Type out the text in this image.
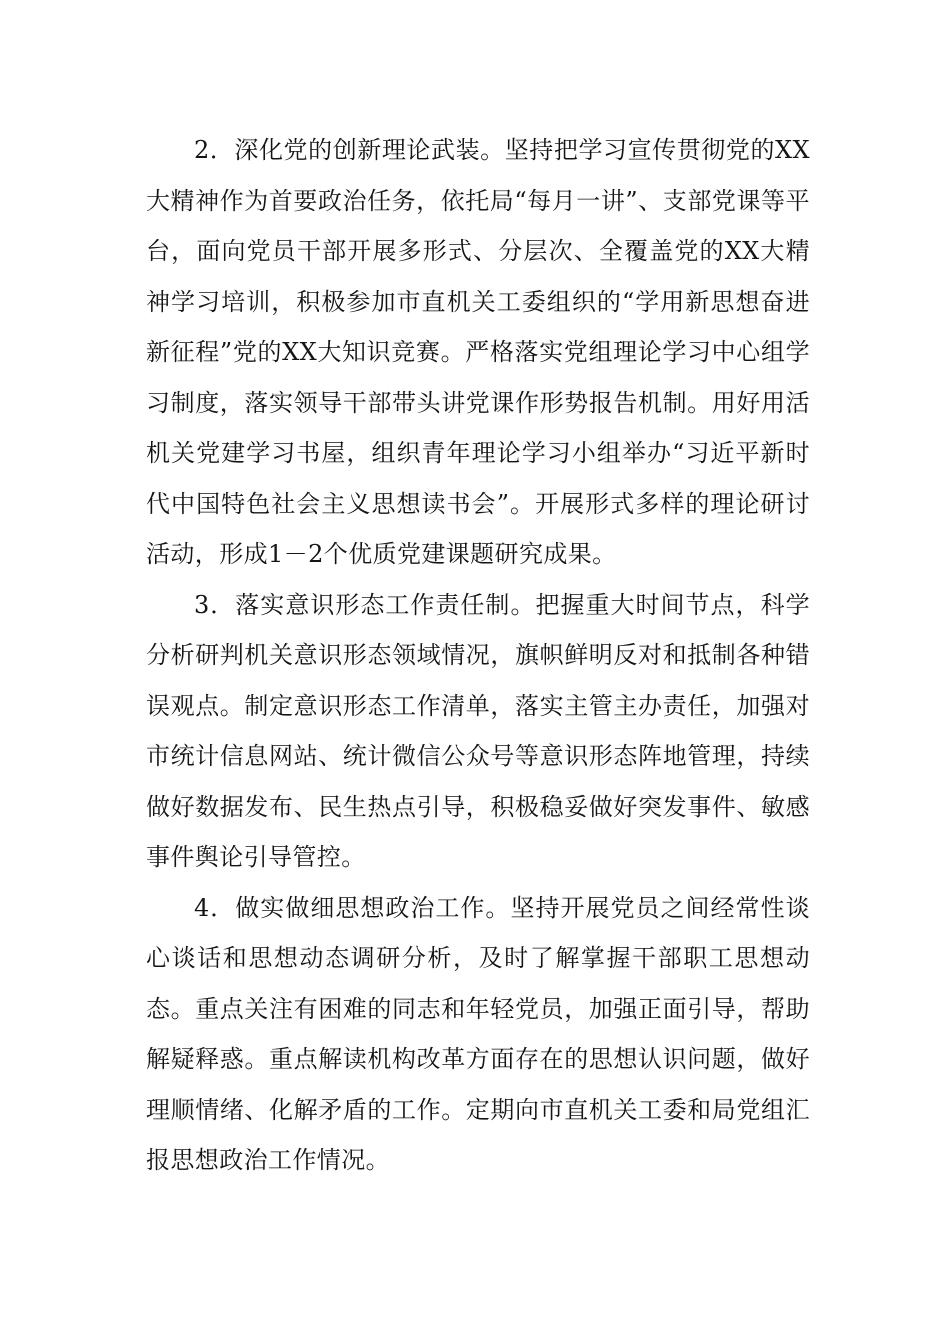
2．深化党的创新理论武装。坚持把学习宣传贯彻党的XX大精神作为首要政治任务，依托局“每月一讲”、支部党课等平台，面向党员干部开展多形式、分层次、全覆盖党的XX大精神学习培训，积极参加市直机关工委组织的“学用新思想奋进新征程”党的XX大知识竞赛。严格落实党组理论学习中心组学习制度，落实领导干部带头讲党课作形势报告机制。用好用活机关党建学习书屋，组织青年理论学习小组举办“习近平新时代中国特色社会主义思想读书会”。开展形式多样的理论研讨活动，形成1－2个优质党建课题研究成果。

3．落实意识形态工作责任制。把握重大时间节点，科学分析研判机关意识形态领域情况，旗帜鲜明反对和抵制各种错误观点。制定意识形态工作清单，落实主管主办责任，加强对市统计信息网站、统计微信公众号等意识形态阵地管理，持续做好数据发布、民生热点引导，积极稳妥做好突发事件、敏感事件舆论引导管控。

4．做实做细思想政治工作。坚持开展党员之间经常性谈心谈话和思想动态调研分析，及时了解掌握干部职工思想动态。重点关注有困难的同志和年轻党员，加强正面引导，帮助解疑释惑。重点解读机构改革方面存在的思想认识问题，做好理顺情绪、化解矛盾的工作。定期向市直机关工委和局党组汇报思想政治工作情况。
